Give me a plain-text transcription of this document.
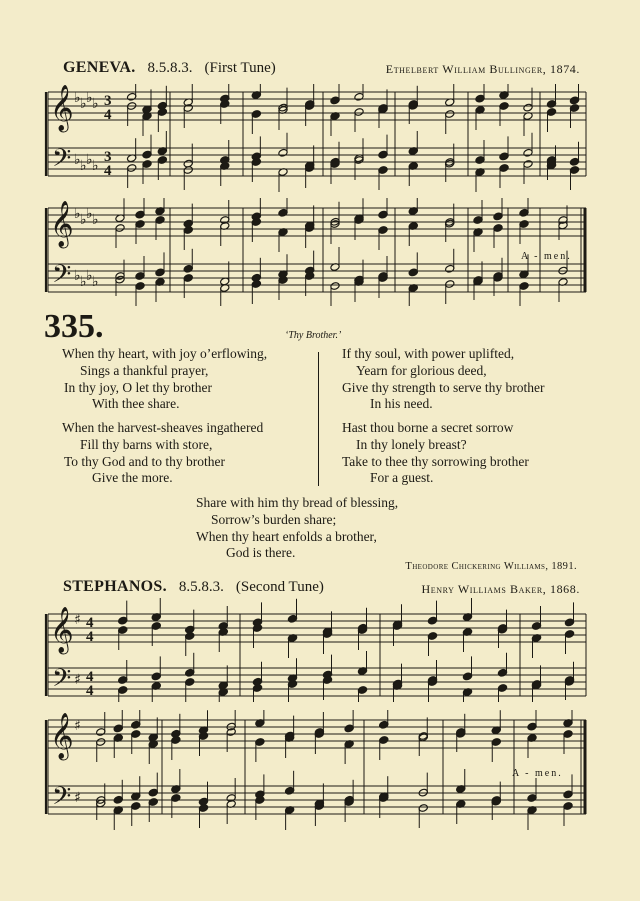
GENEVA. 8.5.8.3. (First Tune)	Ethelbert William Bullinger, 1874.
𝄞
𝄢
♭ ♭ ♭ ♭
♭ ♭ ♭ ♭
3
4
3
4
𝄞
𝄢
♭ ♭ ♭ ♭
♭ ♭ ♭ ♭
A - men.
335.	‘Thy Brother.’
When thy heart, with joy o’erflowing,
Sings a thankful prayer,
In thy joy, O let thy brother
With thee share.
When the harvest-sheaves ingathered
Fill thy barns with store,
To thy God and to thy brother
Give the more.
If thy soul, with power uplifted,
Yearn for glorious deed,
Give thy strength to serve thy brother
In his need.
Hast thou borne a secret sorrow
In thy lonely breast?
Take to thee thy sorrowing brother
For a guest.
Share with him thy bread of blessing,
Sorrow’s burden share;
When thy heart enfolds a brother,
God is there.
Theodore Chickering Williams, 1891.
STEPHANOS. 8.5.8.3. (Second Tune)	Henry Williams Baker, 1868.
𝄞
𝄢
♯
♯
4
4
4
4
𝄞
𝄢
♯
♯
A - men.
